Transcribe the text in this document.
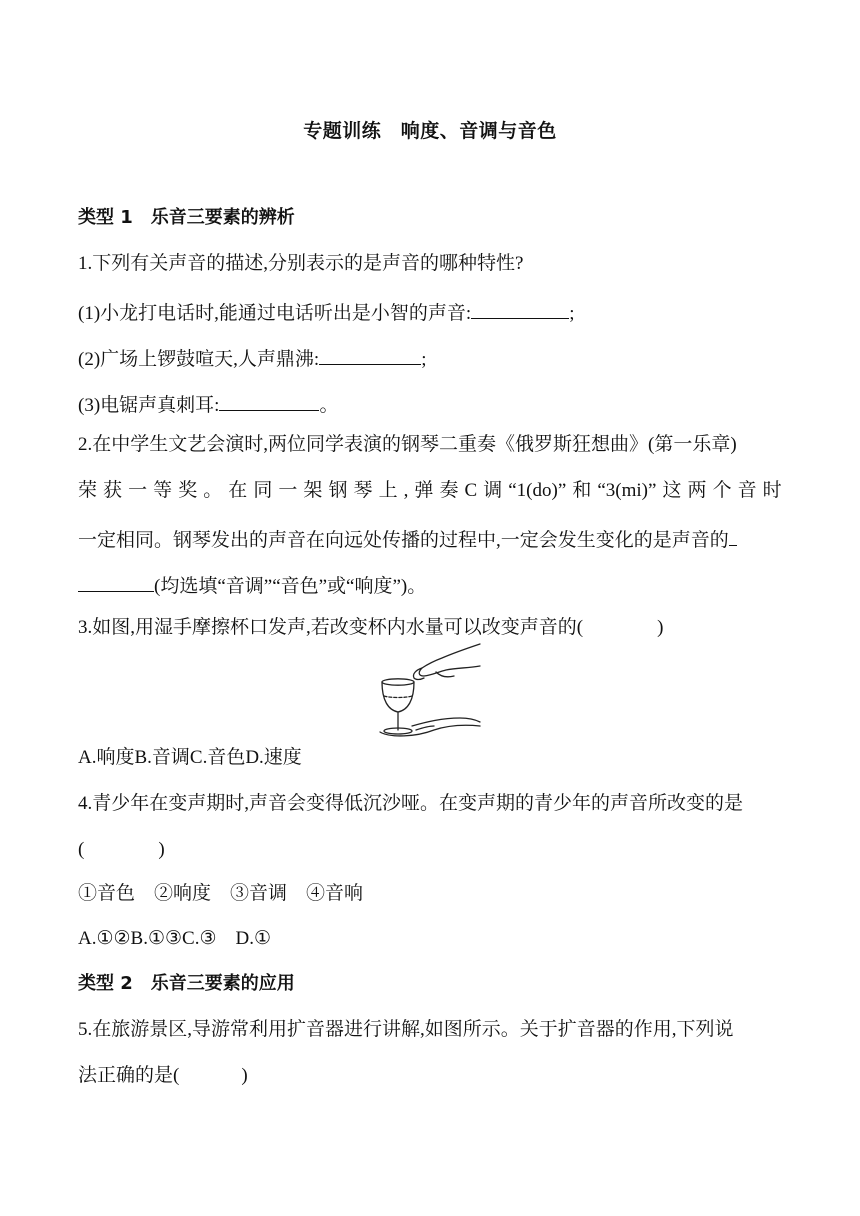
专题训练　响度、音调与音色
类型 1　乐音三要素的辨析
1.下列有关声音的描述,分别表示的是声音的哪种特性?
(1)小龙打电话时,能通过电话听出是小智的声音:	;
(2)广场上锣鼓喧天,人声鼎沸:	;
(3)电锯声真刺耳:	。
2.在中学生文艺会演时,两位同学表演的钢琴二重奏《俄罗斯狂想曲》(第一乐章)
荣 获 一 等 奖 。 在 同 一 架 钢 琴 上 , 弹 奏 C 调 “1(do)” 和 “3(mi)” 这 两 个 音 时
一定相同。钢琴发出的声音在向远处传播的过程中,一定会发生变化的是声音的
(均选填“音调”“音色”或“响度”)。
3.如图,用湿手摩擦杯口发声,若改变杯内水量可以改变声音的(	)
A.响度B.音调C.音色D.速度
4.青少年在变声期时,声音会变得低沉沙哑。在变声期的青少年的声音所改变的是
(	)
①音色　②响度　③音调　④音响
A.①②B.①③C.③　D.①
类型 2　乐音三要素的应用
5.在旅游景区,导游常利用扩音器进行讲解,如图所示。关于扩音器的作用,下列说
法正确的是(	)
